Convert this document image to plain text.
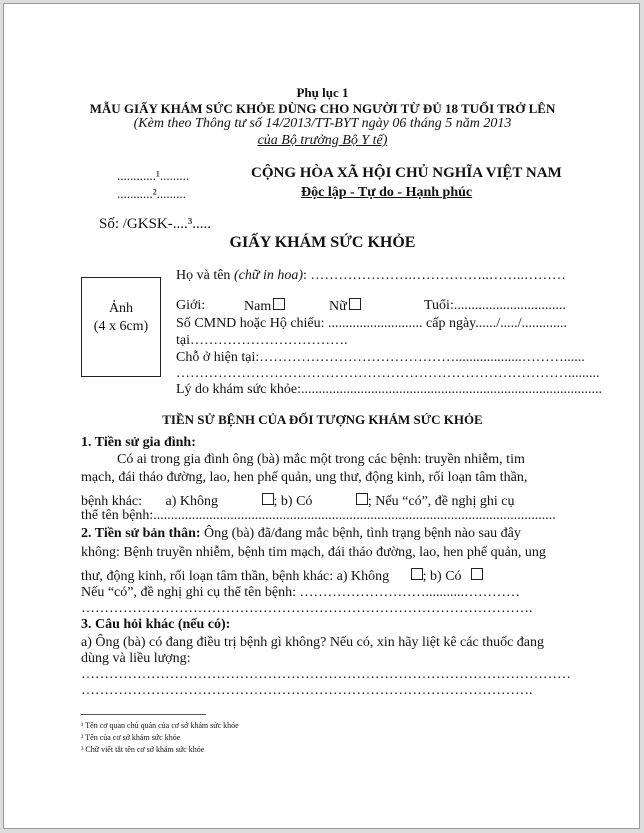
Phụ lục 1
MẪU GIẤY KHÁM SỨC KHỎE DÙNG CHO NGƯỜI TỪ ĐỦ 18 TUỔI TRỞ LÊN
(Kèm theo Thông tư số 14/2013/TT-BYT ngày 06 tháng 5 năm 2013
của Bộ trưởng Bộ Y tế)
............¹.........
...........².........
Số: /GKSK-....³.....
CỘNG HÒA XÃ HỘI CHỦ NGHĨA VIỆT NAM
Độc lập - Tự do - Hạnh phúc
GIẤY KHÁM SỨC KHỎE
Ảnh
(4 x 6cm)
Họ và tên (chữ in hoa): ………………….……………..……..………
Giới:	Nam	Nữ	Tuổi:................................
Số CMND hoặc Hộ chiếu: ........................... cấp ngày....../...../.............
tại…………………………….
Chỗ ở hiện tại:……………………………………...................………......
………………………………………………………………………….........
Lý do khám sức khỏe:......................................................................................
TIỀN SỬ BỆNH CỦA ĐỐI TƯỢNG KHÁM SỨC KHỎE
1. Tiền sử gia đình:
Có ai trong gia đình ông (bà) mắc một trong các bệnh: truyền nhiễm, tim
mạch, đái tháo đường, lao, hen phế quản, ung thư, động kinh, rối loạn tâm thần,
bệnh khác: a) Không	; b) Có	; Nếu “có”, đề nghị ghi cụ
thể tên bệnh:...................................................................................................................
2. Tiền sử bản thân: Ông (bà) đã/đang mắc bệnh, tình trạng bệnh nào sau đây
không: Bệnh truyền nhiễm, bệnh tim mạch, đái tháo đường, lao, hen phế quản, ung
thư, động kinh, rối loạn tâm thần, bệnh khác: a) Không ; b) Có
Nếu “có”, đề nghị ghi cụ thể tên bệnh: ………………………...........…………
…………………………………………………………………………………….
3. Câu hỏi khác (nếu có):
a) Ông (bà) có đang điều trị bệnh gì không? Nếu có, xin hãy liệt kê các thuốc đang
dùng và liều lượng:
……………………………………………………………………………………………
…………………………………………………………………………………….
¹ Tên cơ quan chủ quản của cơ sở khám sức khỏe
² Tên của cơ sở khám sức khỏe
³ Chữ viết tắt tên cơ sở khám sức khỏe
